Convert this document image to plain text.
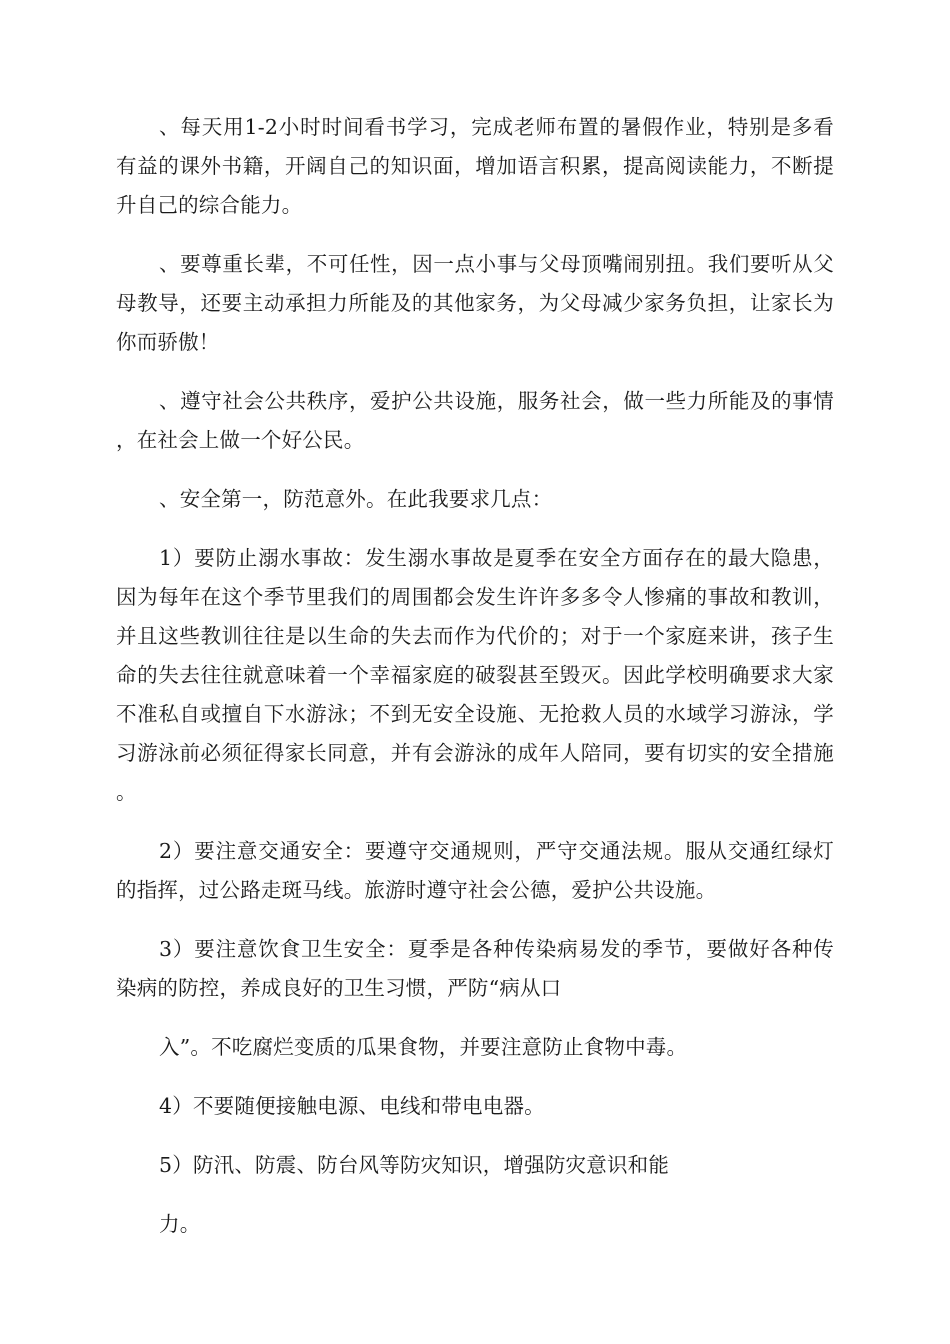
、每天用1-2小时时间看书学习，完成老师布置的暑假作业，特别是多看有益的课外书籍，开阔自己的知识面，增加语言积累，提高阅读能力，不断提升自己的综合能力。

、要尊重长辈，不可任性，因一点小事与父母顶嘴闹别扭。我们要听从父母教导，还要主动承担力所能及的其他家务，为父母减少家务负担，让家长为你而骄傲！

、遵守社会公共秩序，爱护公共设施，服务社会，做一些力所能及的事情，在社会上做一个好公民。

、安全第一，防范意外。在此我要求几点：

1）要防止溺水事故：发生溺水事故是夏季在安全方面存在的最大隐患，因为每年在这个季节里我们的周围都会发生许许多多令人惨痛的事故和教训，并且这些教训往往是以生命的失去而作为代价的；对于一个家庭来讲，孩子生命的失去往往就意味着一个幸福家庭的破裂甚至毁灭。因此学校明确要求大家不准私自或擅自下水游泳；不到无安全设施、无抢救人员的水域学习游泳，学习游泳前必须征得家长同意，并有会游泳的成年人陪同，要有切实的安全措施。

2）要注意交通安全：要遵守交通规则，严守交通法规。服从交通红绿灯的指挥，过公路走斑马线。旅游时遵守社会公德，爱护公共设施。

3）要注意饮食卫生安全：夏季是各种传染病易发的季节，要做好各种传染病的防控，养成良好的卫生习惯，严防“病从口

入”。不吃腐烂变质的瓜果食物，并要注意防止食物中毒。

4）不要随便接触电源、电线和带电电器。

5）防汛、防震、防台风等防灾知识，增强防灾意识和能

力。
